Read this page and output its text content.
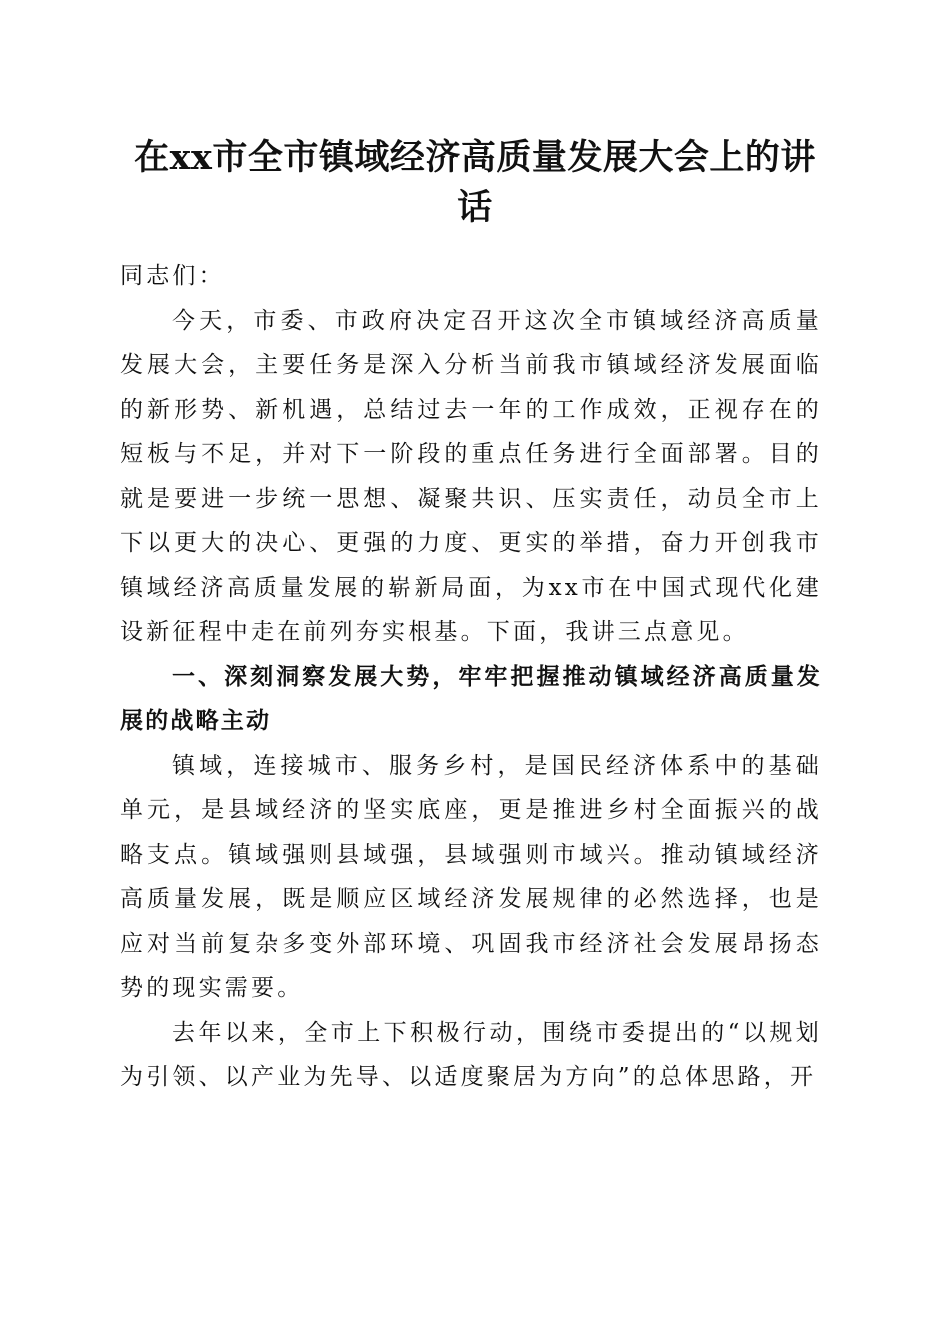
在xx市全市镇域经济高质量发展大会上的讲话

同志们：

今天，市委、市政府决定召开这次全市镇域经济高质量发展大会，主要任务是深入分析当前我市镇域经济发展面临的新形势、新机遇，总结过去一年的工作成效，正视存在的短板与不足，并对下一阶段的重点任务进行全面部署。目的就是要进一步统一思想、凝聚共识、压实责任，动员全市上下以更大的决心、更强的力度、更实的举措，奋力开创我市镇域经济高质量发展的崭新局面，为xx市在中国式现代化建设新征程中走在前列夯实根基。下面，我讲三点意见。

一、深刻洞察发展大势，牢牢把握推动镇域经济高质量发展的战略主动

镇域，连接城市、服务乡村，是国民经济体系中的基础单元，是县域经济的坚实底座，更是推进乡村全面振兴的战略支点。镇域强则县域强，县域强则市域兴。推动镇域经济高质量发展，既是顺应区域经济发展规律的必然选择，也是应对当前复杂多变外部环境、巩固我市经济社会发展昂扬态势的现实需要。

去年以来，全市上下积极行动，围绕市委提出的“以规划为引领、以产业为先导、以适度聚居为方向”的总体思路，开
